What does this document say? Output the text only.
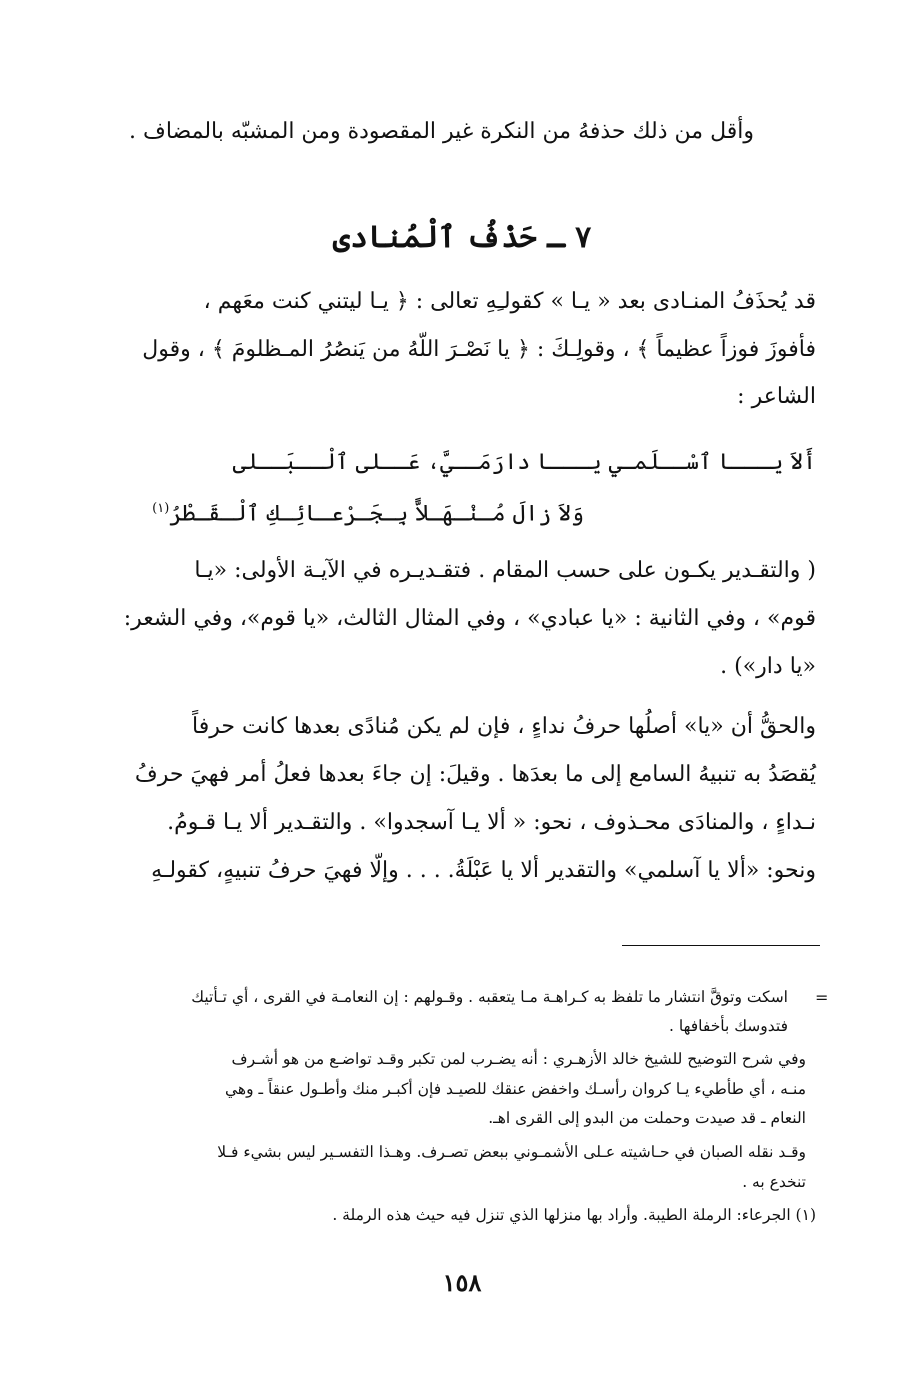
وأقل من ذلك حذفهُ من النكرة غير المقصودة ومن المشبّه بالمضاف .
٧ ـ حَذْفُ ٱلْمُنادى
قد يُحذَفُ المنـادى بعد « يـا » كقولـِهِ تعالى : ﴿ يـا ليتني كنت معَهم ،
فأفوزَ فوزاً عظيماً ﴾ ، وقولِـكَ : ﴿ يا نَصْـرَ اللّهُ من يَنصُرُ المـظلومَ ﴾ ، وقول
الشاعر :
أَلاَ يـــا ٱسْــلَمـي يـــا دارَمَــيَّ، عَــلى ٱلْــبَــلى
وَلاَ زالَ مُـنْـهَـلاًّ بِـجَـرْعـائِـكِ ٱلْـقَـطْرُ$^{(١)}$
( والتقـدير يكـون على حسب المقام . فتقـديـره في الآيـة الأولى: «يـا
قوم» ، وفي الثانية : «يا عبادي» ، وفي المثال الثالث، «يا قوم»، وفي الشعر:
«يا دار») .
والحقُّ أن «يا» أصلُها حرفُ نداءٍ ، فإن لم يكن مُنادًى بعدها كانت حرفاً
يُقصَدُ به تنبيهُ السامع إلى ما بعدَها . وقيلَ: إن جاءَ بعدها فعلُ أمر فهيَ حرفُ
نـداءٍ ، والمنادَى محـذوف ، نحو: « ألا يـا آسجدوا» . والتقـدير ألا يـا قـومُ.
ونحو: «ألا يا آسلمي» والتقدير ألا يا عَبْلَةُ. . . . وإلّا فهيَ حرفُ تنبيهٍ، كقولـهِ
=
اسكت وتوقَّ انتشار ما تلفظ به كـراهـة مـا يتعقبه . وقـولهم : إن النعامـة في القرى ، أي تـأتيك
فتدوسك بأخفافها .
وفي شرح التوضيح للشيخ خالد الأزهـري : أنه يضـرب لمن تكبر وقـد تواضـع من هو أشـرف
منـه ، أي طأطيء يـا كروان رأسـك واخفض عنقك للصيـد فإن أكبـر منك وأطـول عنقاً ـ وهي
النعام ـ قد صيدت وحملت من البدو إلى القرى اهـ.
وقـد نقله الصبان في حـاشيته عـلى الأشمـوني ببعض تصـرف. وهـذا التفسـير ليس بشيء فـلا
تنخدع به .
(١) الجرعاء: الرملة الطيبة. وأراد بها منزلها الذي تنزل فيه حيث هذه الرملة .
١٥٨
